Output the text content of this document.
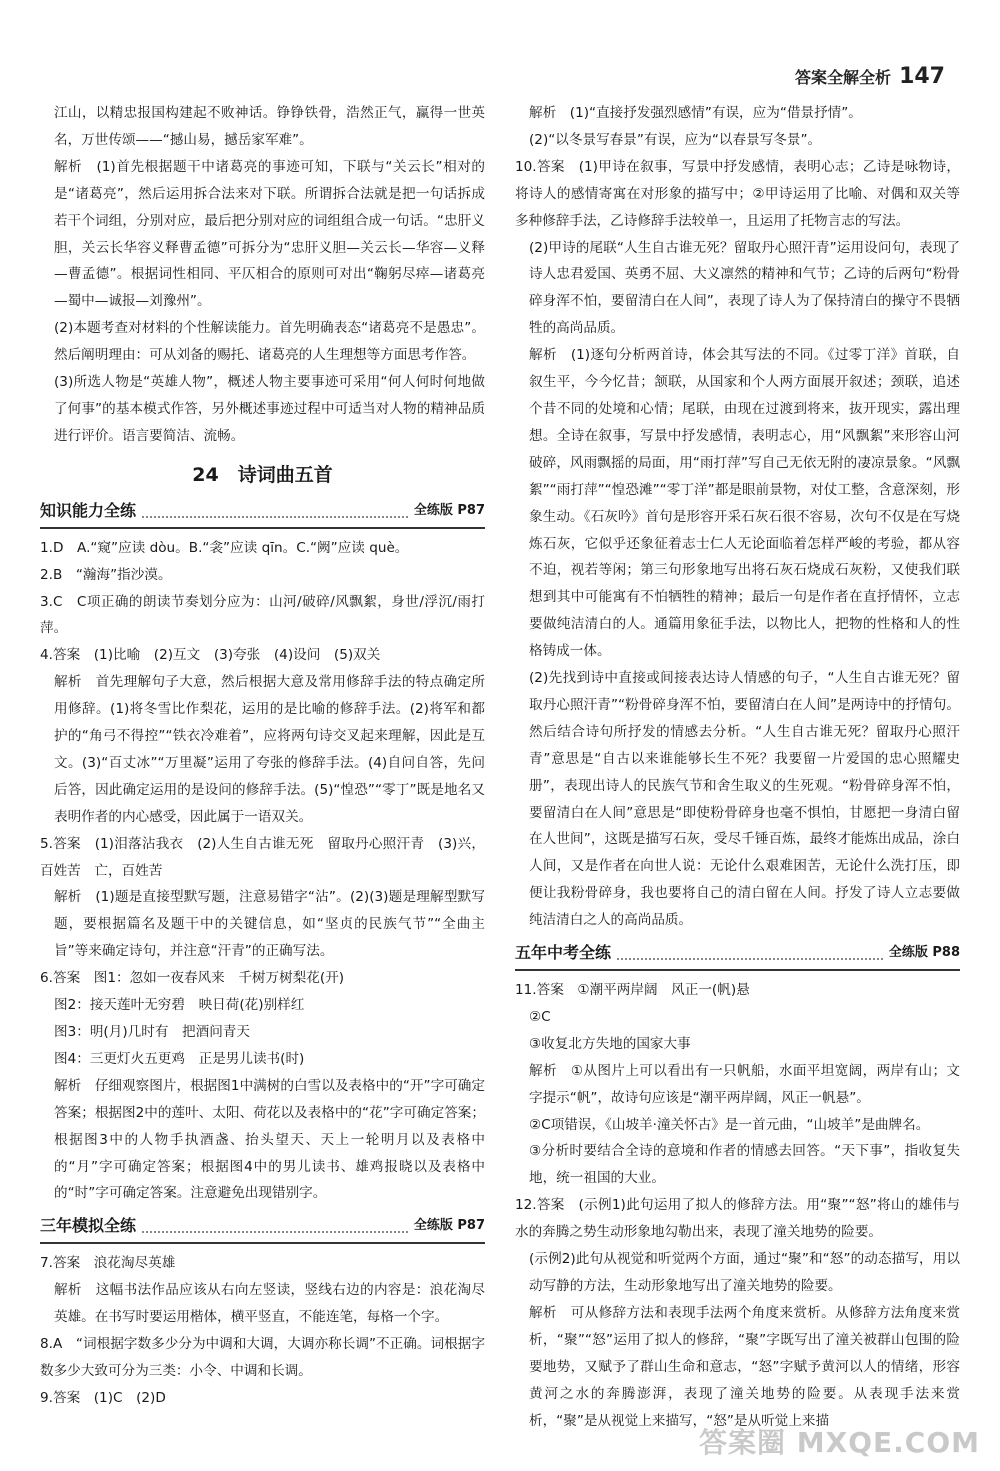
答案全解全析 147

江山，以精忠报国构建起不败神话。铮铮铁骨，浩然正气，赢得一世英名，万世传颂——“撼山易，撼岳家军难”。

解析　(1)首先根据题干中诸葛亮的事迹可知，下联与“关云长”相对的是“诸葛亮”，然后运用拆合法来对下联。所谓拆合法就是把一句话拆成若干个词组，分别对应，最后把分别对应的词组组合成一句话。“忠肝义胆，关云长华容义释曹孟德”可拆分为“忠肝义胆—关云长—华容—义释—曹孟德”。根据词性相同、平仄相合的原则可对出“鞠躬尽瘁—诸葛亮—蜀中—诚报—刘豫州”。

(2)本题考查对材料的个性解读能力。首先明确表态“诸葛亮不是愚忠”。然后阐明理由：可从刘备的赐托、诸葛亮的人生理想等方面思考作答。

(3)所选人物是“英雄人物”，概述人物主要事迹可采用“何人何时何地做了何事”的基本模式作答，另外概述事迹过程中可适当对人物的精神品质进行评价。语言要简洁、流畅。

24　诗词曲五首
知识能力全练	全练版 P87

1.D　A.“窥”应读 dòu。B.“衾”应读 qīn。C.“阙”应读 què。

2.B　“瀚海”指沙漠。

3.C　C项正确的朗读节奏划分应为：山河/破碎/风飘絮，身世/浮沉/雨打萍。

4.答案　(1)比喻　(2)互文　(3)夸张　(4)设问　(5)双关

解析　首先理解句子大意，然后根据大意及常用修辞手法的特点确定所用修辞。(1)将冬雪比作梨花，运用的是比喻的修辞手法。(2)将军和都护的“角弓不得控”“铁衣冷难着”，应将两句诗交叉起来理解，因此是互文。(3)“百丈冰”“万里凝”运用了夸张的修辞手法。(4)自问自答，先问后答，因此确定运用的是设问的修辞手法。(5)“惶恐”“零丁”既是地名又表明作者的内心感受，因此属于一语双关。

5.答案　(1)泪落沾我衣　(2)人生自古谁无死　留取丹心照汗青　(3)兴，百姓苦　亡，百姓苦

解析　(1)题是直接型默写题，注意易错字“沾”。(2)(3)题是理解型默写题，要根据篇名及题干中的关键信息，如“坚贞的民族气节”“全曲主旨”等来确定诗句，并注意“汗青”的正确写法。

6.答案　图1：忽如一夜春风来　千树万树梨花(开)

图2：接天莲叶无穷碧　映日荷(花)别样红

图3：明(月)几时有　把酒问青天

图4：三更灯火五更鸡　正是男儿读书(时)

解析　仔细观察图片，根据图1中满树的白雪以及表格中的“开”字可确定答案；根据图2中的莲叶、太阳、荷花以及表格中的“花”字可确定答案；根据图3中的人物手执酒盏、抬头望天、天上一轮明月以及表格中的“月”字可确定答案；根据图4中的男儿读书、雄鸡报晓以及表格中的“时”字可确定答案。注意避免出现错别字。

三年模拟全练	全练版 P87

7.答案　浪花淘尽英雄

解析　这幅书法作品应该从右向左竖读，竖线右边的内容是：浪花淘尽英雄。在书写时要运用楷体，横平竖直，不能连笔，每格一个字。

8.A　“词根据字数多少分为中调和大调，大调亦称长调”不正确。词根据字数多少大致可分为三类：小令、中调和长调。

9.答案　(1)C　(2)D

解析　(1)“直接抒发强烈感情”有误，应为“借景抒情”。

(2)“以冬景写春景”有误，应为“以春景写冬景”。

10.答案　(1)甲诗在叙事，写景中抒发感情，表明心志；乙诗是咏物诗，将诗人的感情寄寓在对形象的描写中；②甲诗运用了比喻、对偶和双关等多种修辞手法，乙诗修辞手法较单一，且运用了托物言志的写法。

(2)甲诗的尾联“人生自古谁无死？留取丹心照汗青”运用设问句，表现了诗人忠君爱国、英勇不屈、大义凛然的精神和气节；乙诗的后两句“粉骨碎身浑不怕，要留清白在人间”，表现了诗人为了保持清白的操守不畏牺牲的高尚品质。

解析　(1)逐句分析两首诗，体会其写法的不同。《过零丁洋》首联，自叙生平，今今忆昔；颔联，从国家和个人两方面展开叙述；颈联，追述个昔不同的处境和心情；尾联，由现在过渡到将来，抜开现实，露出理想。全诗在叙事，写景中抒发感情，表明志心，用“风飘絮”来形容山河破碎，风雨飘摇的局面，用“雨打萍”写自己无依无附的凄凉景象。“风飘絮”“雨打萍”“惶恐滩”“零丁洋”都是眼前景物，对仗工整，含意深刻，形象生动。《石灰吟》首句是形容开采石灰石很不容易，次句不仅是在写烧炼石灰，它似乎还象征着志士仁人无论面临着怎样严峻的考验，都从容不迫，视若等闲；第三句形象地写出将石灰石烧成石灰粉，又使我们联想到其中可能寓有不怕牺牲的精神；最后一句是作者在直抒情怀，立志要做纯洁清白的人。通篇用象征手法，以物比人，把物的性格和人的性格铸成一体。

(2)先找到诗中直接或间接表达诗人情感的句子，“人生自古谁无死？留取丹心照汗青”“粉骨碎身浑不怕，要留清白在人间”是两诗中的抒情句。然后结合诗句所抒发的情感去分析。“人生自古谁无死？留取丹心照汗青”意思是“自古以来谁能够长生不死？我要留一片爱国的忠心照耀史册”，表现出诗人的民族气节和舍生取义的生死观。“粉骨碎身浑不怕，要留清白在人间”意思是“即使粉骨碎身也毫不惧怕，甘愿把一身清白留在人世间”，这既是描写石灰，受尽千锤百炼，最终才能炼出成品，涂白人间，又是作者在向世人说：无论什么艰难困苦，无论什么洗打压，即便让我粉骨碎身，我也要将自己的清白留在人间。抒发了诗人立志要做纯洁清白之人的高尚品质。

五年中考全练	全练版 P88

11.答案　①潮平两岸阔　风正一(帆)悬

②C

③收复北方失地的国家大事

解析　①从图片上可以看出有一只帆船，水面平坦宽阔，两岸有山；文字提示“帆”，故诗句应该是“潮平两岸阔，风正一帆悬”。

②C项错误，《山坡羊·潼关怀古》是一首元曲，“山坡羊”是曲牌名。

③分析时要结合全诗的意境和作者的情感去回答。“天下事”，指收复失地，统一祖国的大业。

12.答案　(示例1)此句运用了拟人的修辞方法。用“聚”“怒”将山的雄伟与水的奔腾之势生动形象地勾勒出来，表现了潼关地势的险要。

(示例2)此句从视觉和听觉两个方面，通过“聚”和“怒”的动态描写，用以动写静的方法，生动形象地写出了潼关地势的险要。

解析　可从修辞方法和表现手法两个角度来赏析。从修辞方法角度来赏析，“聚”“怒”运用了拟人的修辞，“聚”字既写出了潼关被群山包围的险要地势，又赋予了群山生命和意志，“怒”字赋予黄河以人的情绪，形容黄河之水的奔腾澎湃，表现了潼关地势的险要。从表现手法来赏析，“聚”是从视觉上来描写，“怒”是从听觉上来描

答案圈 MXQE.COM
